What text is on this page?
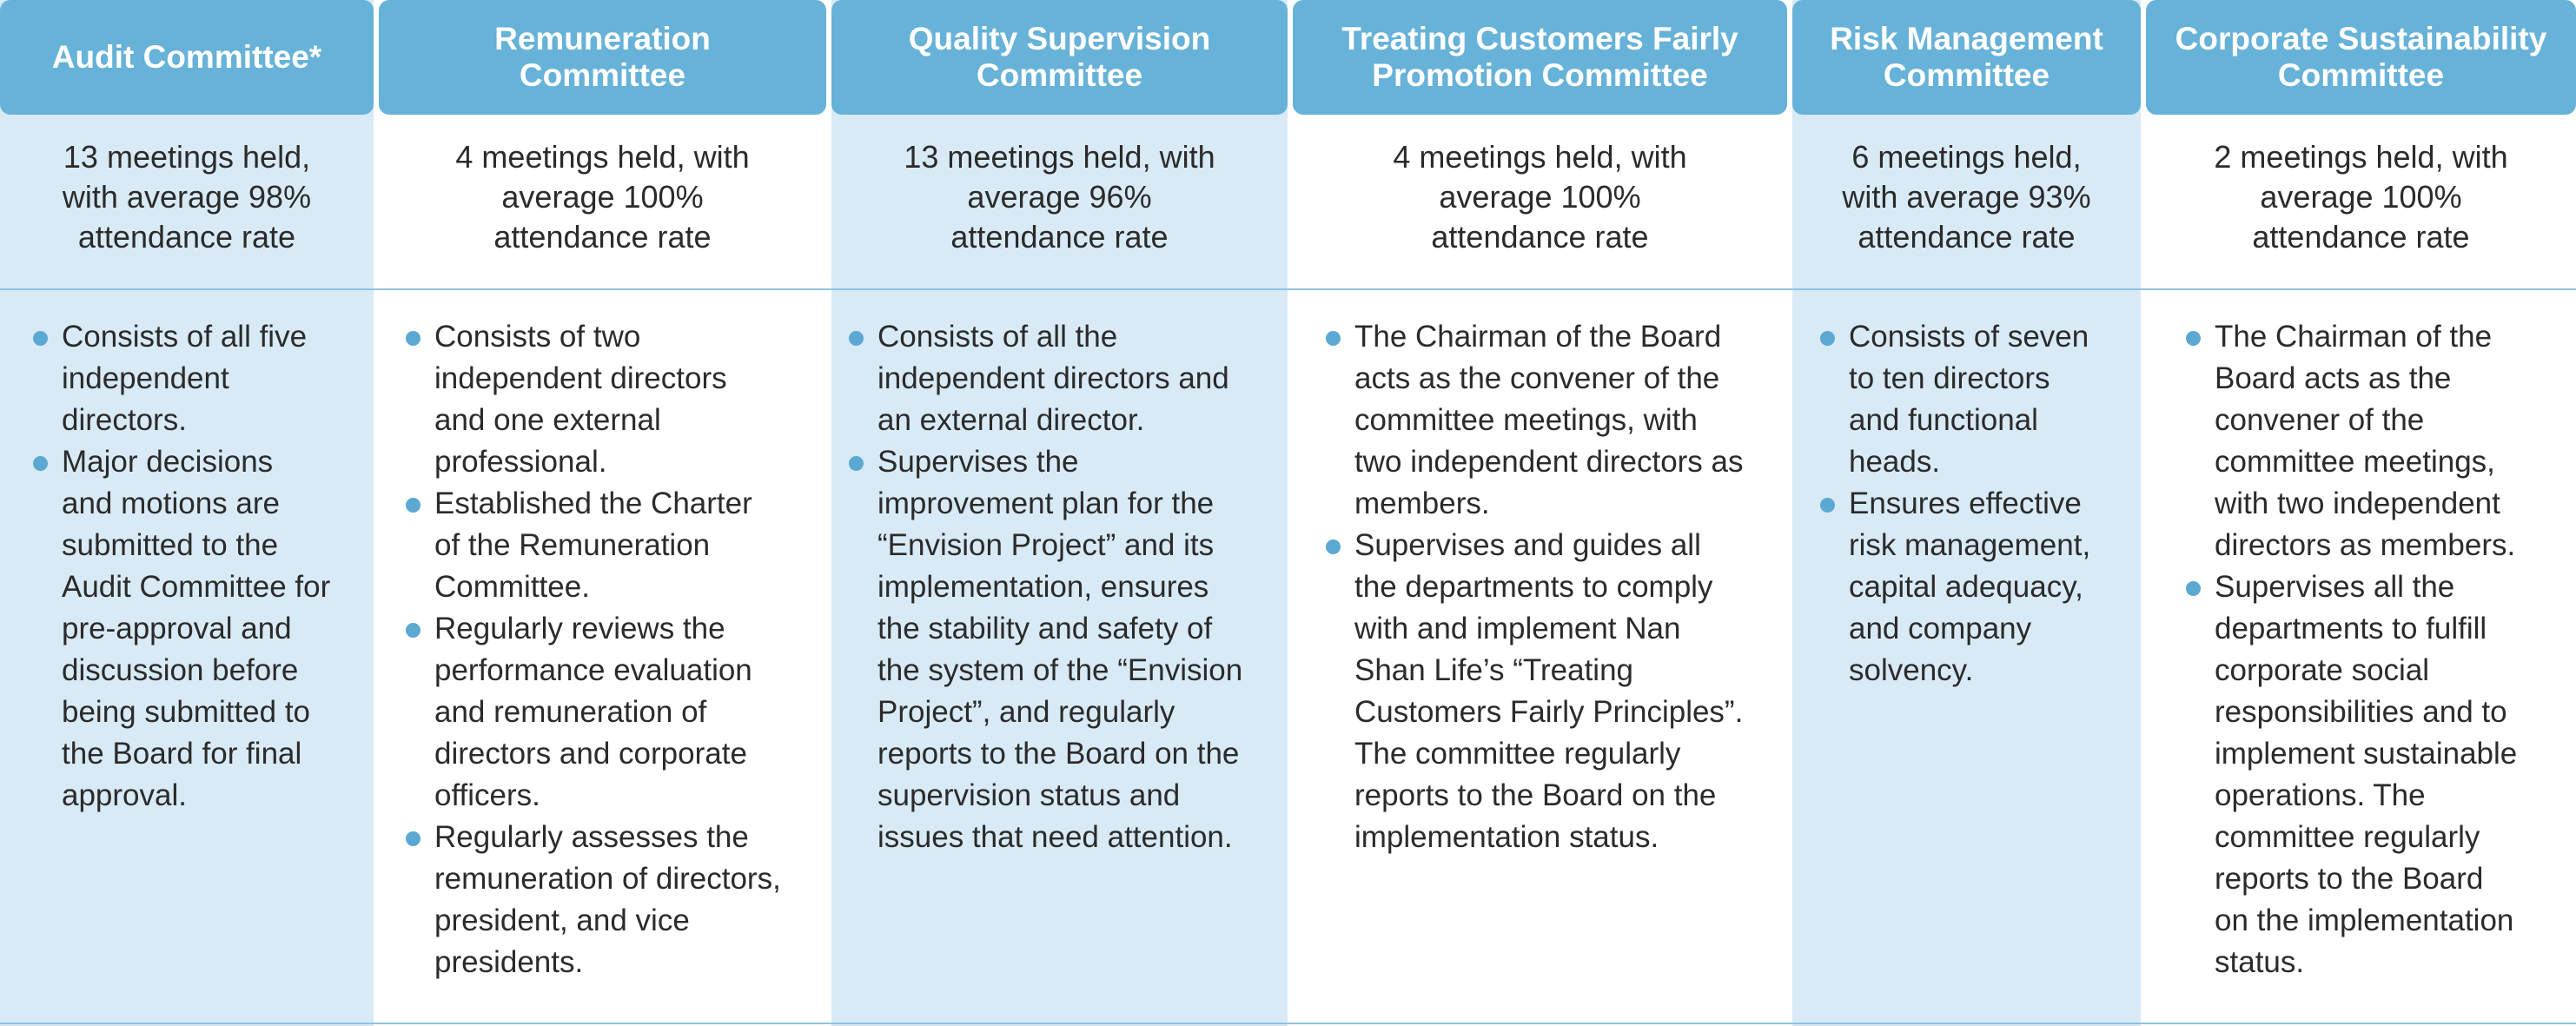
Audit Committee*
13 meetings held,
with average 98%
attendance rate
Consists of all five
independent
directors.
Major decisions
and motions are
submitted to the
Audit Committee for
pre-approval and
discussion before
being submitted to
the Board for final
approval.
Remuneration
Committee
4 meetings held, with
average 100%
attendance rate
Consists of two
independent directors
and one external
professional.
Established the Charter
of the Remuneration
Committee.
Regularly reviews the
performance evaluation
and remuneration of
directors and corporate
officers.
Regularly assesses the
remuneration of directors,
president, and vice
presidents.
Quality Supervision
Committee
13 meetings held, with
average 96%
attendance rate
Consists of all the
independent directors and
an external director.
Supervises the
improvement plan for the
“Envision Project” and its
implementation, ensures
the stability and safety of
the system of the “Envision
Project”, and regularly
reports to the Board on the
supervision status and
issues that need attention.
Treating Customers Fairly
Promotion Committee
4 meetings held, with
average 100%
attendance rate
The Chairman of the Board
acts as the convener of the
committee meetings, with
two independent directors as
members.
Supervises and guides all
the departments to comply
with and implement Nan
Shan Life’s “Treating
Customers Fairly Principles”.
The committee regularly
reports to the Board on the
implementation status.
Risk Management
Committee
6 meetings held,
with average 93%
attendance rate
Consists of seven
to ten directors
and functional
heads.
Ensures effective
risk management,
capital adequacy,
and company
solvency.
Corporate Sustainability
Committee
2 meetings held, with
average 100%
attendance rate
The Chairman of the
Board acts as the
convener of the
committee meetings,
with two independent
directors as members.
Supervises all the
departments to fulfill
corporate social
responsibilities and to
implement sustainable
operations. The
committee regularly
reports to the Board
on the implementation
status.
